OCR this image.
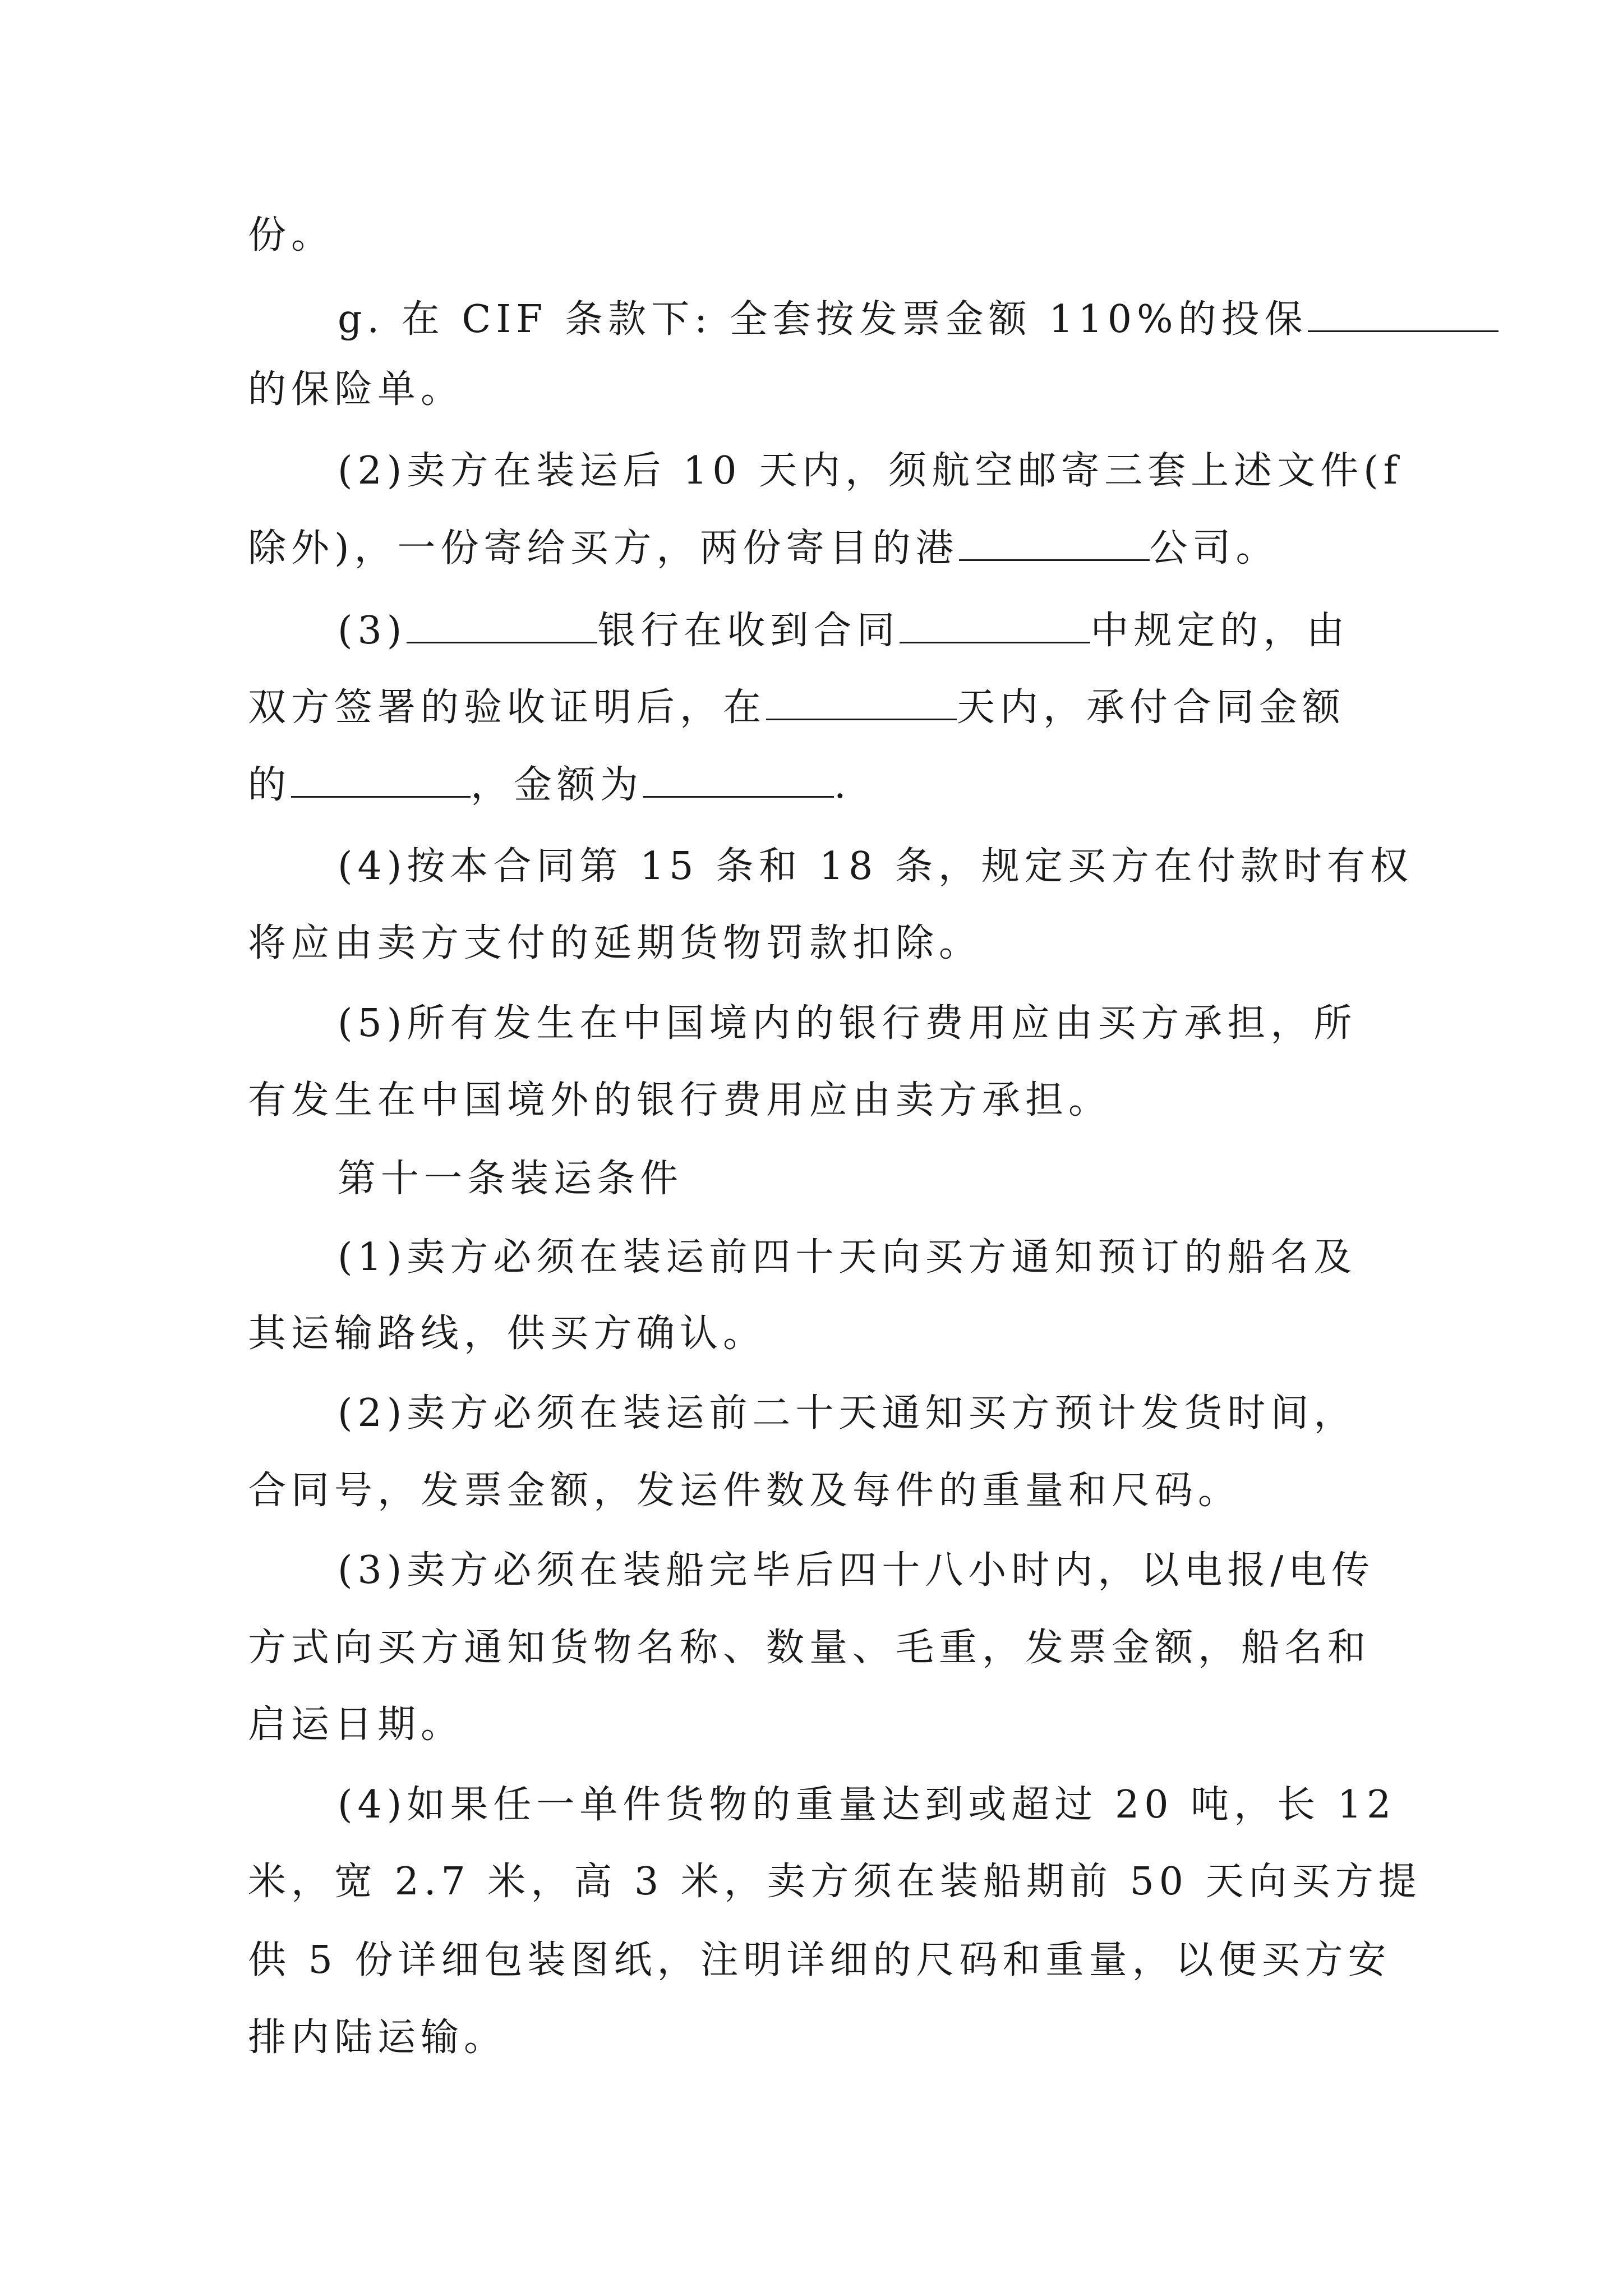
份。
g. 在 CIF 条款下: 全套按发票金额 110%的投保
的保险单。
(2)卖方在装运后 10 天内，须航空邮寄三套上述文件(f
除外)，一份寄给买方，两份寄目的港	公司。
(3)	银行在收到合同	中规定的，由
双方签署的验收证明后，在	天内，承付合同金额
的	，金额为	.
(4)按本合同第 15 条和 18 条，规定买方在付款时有权
将应由卖方支付的延期货物罚款扣除。
(5)所有发生在中国境内的银行费用应由买方承担，所
有发生在中国境外的银行费用应由卖方承担。
第十一条装运条件
(1)卖方必须在装运前四十天向买方通知预订的船名及
其运输路线，供买方确认。
(2)卖方必须在装运前二十天通知买方预计发货时间，
合同号，发票金额，发运件数及每件的重量和尺码。
(3)卖方必须在装船完毕后四十八小时内，以电报/电传
方式向买方通知货物名称、数量、毛重，发票金额，船名和
启运日期。
(4)如果任一单件货物的重量达到或超过 20 吨，长 12
米，宽 2.7 米，高 3 米，卖方须在装船期前 50 天向买方提
供 5 份详细包装图纸，注明详细的尺码和重量，以便买方安
排内陆运输。
